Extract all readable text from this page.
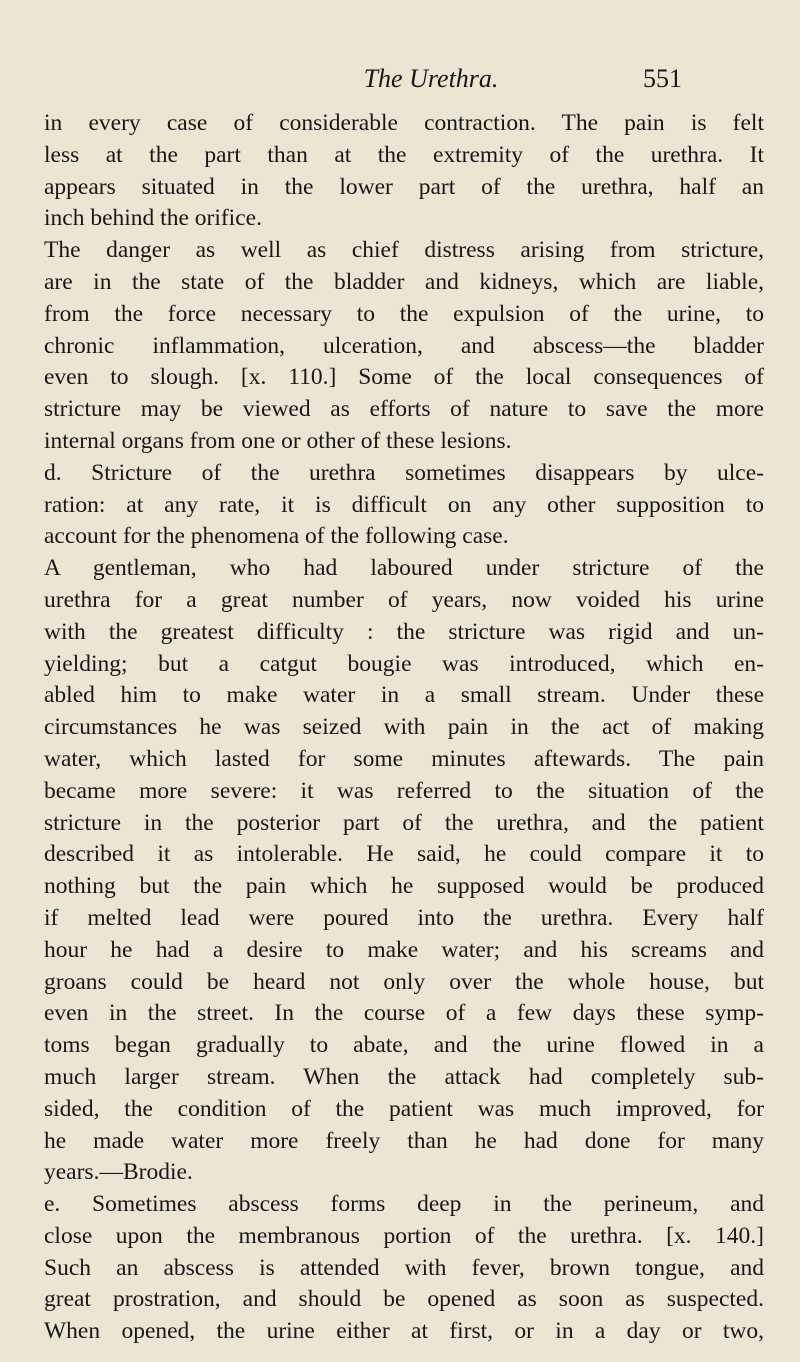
The Urethra.	551
in every case of considerable contraction. The pain is felt
less at the part than at the extremity of the urethra. It
appears situated in the lower part of the urethra, half an
inch behind the orifice.
The danger as well as chief distress arising from stricture,
are in the state of the bladder and kidneys, which are liable,
from the force necessary to the expulsion of the urine, to
chronic inflammation, ulceration, and abscess—the bladder
even to slough. [x. 110.] Some of the local consequences of
stricture may be viewed as efforts of nature to save the more
internal organs from one or other of these lesions.
d. Stricture of the urethra sometimes disappears by ulce-
ration: at any rate, it is difficult on any other supposition to
account for the phenomena of the following case.
A gentleman, who had laboured under stricture of the
urethra for a great number of years, now voided his urine
with the greatest difficulty : the stricture was rigid and un-
yielding; but a catgut bougie was introduced, which en-
abled him to make water in a small stream. Under these
circumstances he was seized with pain in the act of making
water, which lasted for some minutes aftewards. The pain
became more severe: it was referred to the situation of the
stricture in the posterior part of the urethra, and the patient
described it as intolerable. He said, he could compare it to
nothing but the pain which he supposed would be produced
if melted lead were poured into the urethra. Every half
hour he had a desire to make water; and his screams and
groans could be heard not only over the whole house, but
even in the street. In the course of a few days these symp-
toms began gradually to abate, and the urine flowed in a
much larger stream. When the attack had completely sub-
sided, the condition of the patient was much improved, for
he made water more freely than he had done for many
years.—Brodie.
e. Sometimes abscess forms deep in the perineum, and
close upon the membranous portion of the urethra. [x. 140.]
Such an abscess is attended with fever, brown tongue, and
great prostration, and should be opened as soon as suspected.
When opened, the urine either at first, or in a day or two,
